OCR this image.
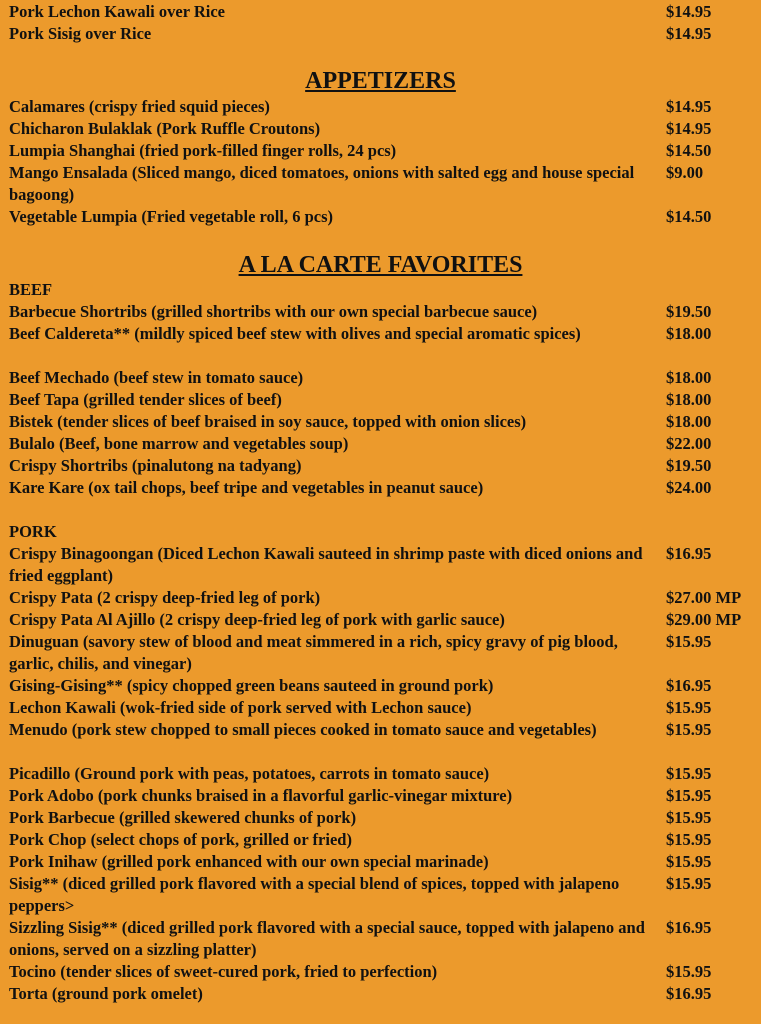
Pork Lechon Kawali over Rice	$14.95
Pork Sisig over Rice	$14.95
APPETIZERS
Calamares (crispy fried squid pieces)	$14.95
Chicharon Bulaklak (Pork Ruffle Croutons)	$14.95
Lumpia Shanghai (fried pork-filled finger rolls, 24 pcs)	$14.50
Mango Ensalada (Sliced mango, diced tomatoes, onions with salted egg and house special bagoong)
$9.00
Vegetable Lumpia (Fried vegetable roll, 6 pcs)	$14.50
A LA CARTE FAVORITES
BEEF
Barbecue Shortribs (grilled shortribs with our own special barbecue sauce)	$19.50
Beef Caldereta** (mildly spiced beef stew with olives and special aromatic spices)	$18.00
Beef Mechado (beef stew in tomato sauce)	$18.00
Beef Tapa (grilled tender slices of beef)	$18.00
Bistek (tender slices of beef braised in soy sauce, topped with onion slices)	$18.00
Bulalo (Beef, bone marrow and vegetables soup)	$22.00
Crispy Shortribs (pinalutong na tadyang)	$19.50
Kare Kare (ox tail chops, beef tripe and vegetables in peanut sauce)	$24.00
PORK
Crispy Binagoongan (Diced Lechon Kawali sauteed in shrimp paste with diced onions and fried eggplant)
$16.95
Crispy Pata (2 crispy deep-fried leg of pork)	$27.00 MP
Crispy Pata Al Ajillo (2 crispy deep-fried leg of pork with garlic sauce)	$29.00 MP
Dinuguan (savory stew of blood and meat simmered in a rich, spicy gravy of pig blood, garlic, chilis, and vinegar)
$15.95
Gising-Gising** (spicy chopped green beans sauteed in ground pork)	$16.95
Lechon Kawali (wok-fried side of pork served with Lechon sauce)	$15.95
Menudo (pork stew chopped to small pieces cooked in tomato sauce and vegetables)	$15.95
Picadillo (Ground pork with peas, potatoes, carrots in tomato sauce)	$15.95
Pork Adobo (pork chunks braised in a flavorful garlic-vinegar mixture)	$15.95
Pork Barbecue (grilled skewered chunks of pork)	$15.95
Pork Chop (select chops of pork, grilled or fried)	$15.95
Pork Inihaw (grilled pork enhanced with our own special marinade)	$15.95
Sisig** (diced grilled pork flavored with a special blend of spices, topped with jalapeno peppers>
$15.95
Sizzling Sisig** (diced grilled pork flavored with a special sauce, topped with jalapeno and onions, served on a sizzling platter)
$16.95
Tocino (tender slices of sweet-cured pork, fried to perfection)	$15.95
Torta (ground pork omelet)	$16.95
